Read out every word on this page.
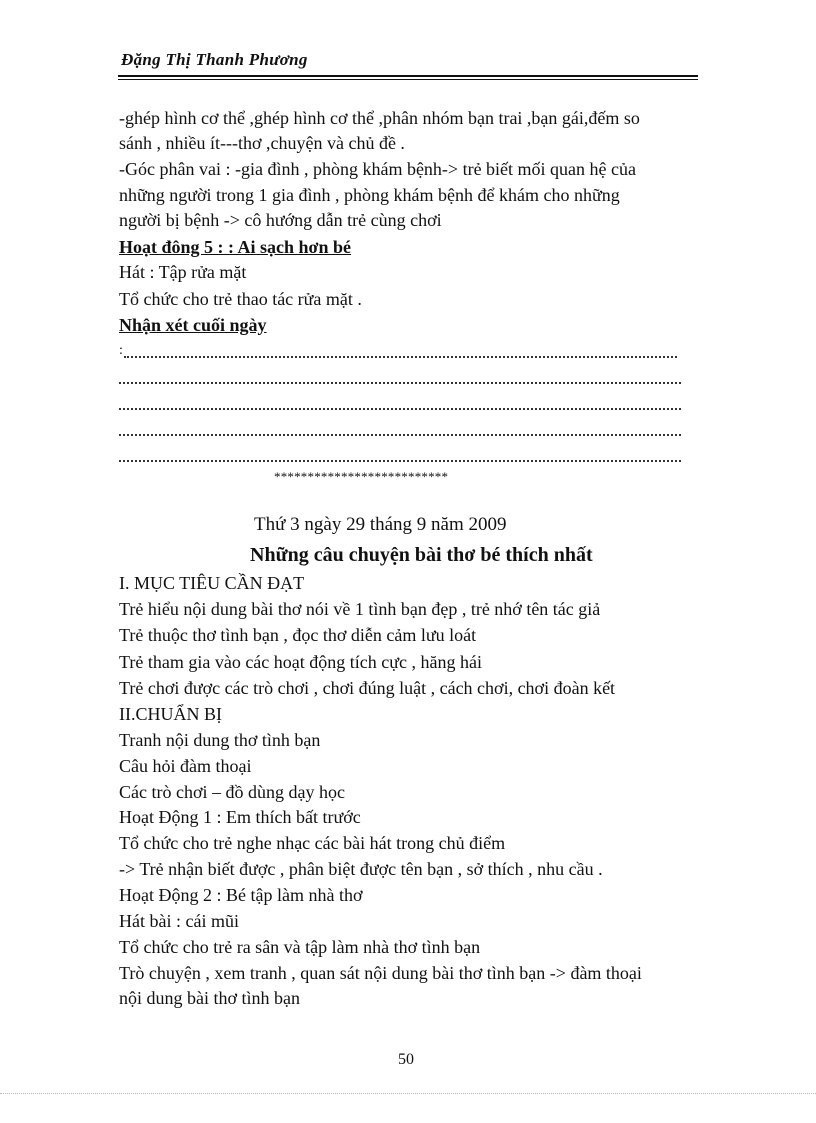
Đặng Thị Thanh Phương
-ghép hình cơ thể ,ghép hình cơ thể ,phân nhóm bạn trai ,bạn gái,đếm so
sánh , nhiều ít---thơ ,chuyện và chủ đề .
-Góc phân vai : -gia đình , phòng khám bệnh-> trẻ biết mối quan hệ của
những người trong 1 gia đình , phòng khám bệnh để khám cho những
người bị bệnh -> cô hướng dẫn trẻ cùng chơi
Hoạt đông 5 : : Ai sạch hơn bé
Hát : Tập rửa mặt
Tổ chức cho trẻ thao tác rửa mặt .
Nhận xét cuối ngày
:
**************************
Thứ 3 ngày 29 tháng 9 năm 2009
Những câu chuyện bài thơ bé thích nhất
I. MỤC TIÊU CẦN ĐẠT
Trẻ hiểu nội dung bài thơ nói về 1 tình bạn đẹp , trẻ nhớ tên tác giả
Trẻ thuộc thơ tình bạn , đọc thơ diễn cảm lưu loát
Trẻ tham gia vào các hoạt động tích cực , hăng hái
Trẻ chơi được các trò chơi , chơi đúng luật , cách chơi, chơi đoàn kết
II.CHUẨN BỊ
Tranh nội dung thơ tình bạn
Câu hỏi đàm thoại
Các trò chơi – đồ dùng dạy học
Hoạt Động 1 : Em thích bất trước
Tổ chức cho trẻ nghe nhạc các bài hát trong chủ điểm
-> Trẻ nhận biết được , phân biệt được tên bạn , sở thích , nhu cầu .
Hoạt Động 2 : Bé tập làm nhà thơ
Hát bài : cái mũi
Tổ chức cho trẻ ra sân và tập làm nhà thơ tình bạn
Trò chuyện , xem tranh , quan sát nội dung bài thơ tình bạn -> đàm thoại
nội dung bài thơ tình bạn
50
